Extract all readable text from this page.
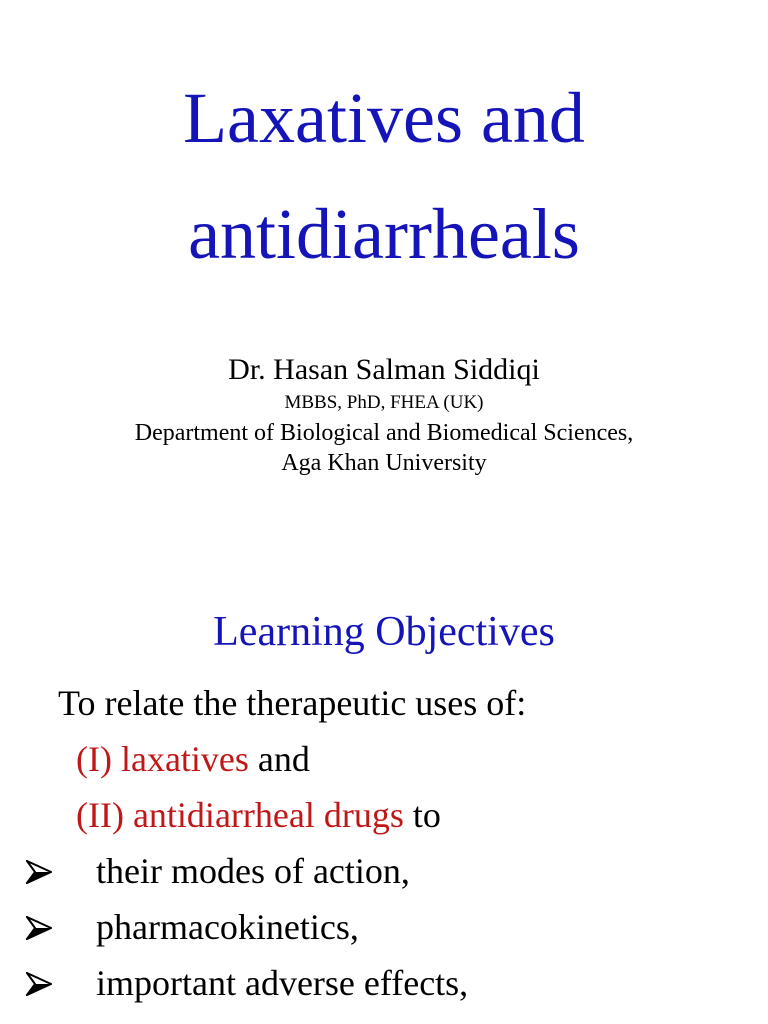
Laxatives and
antidiarrheals
Dr. Hasan Salman Siddiqi
MBBS, PhD, FHEA (UK)
Department of Biological and Biomedical Sciences,
Aga Khan University
Learning Objectives
To relate the therapeutic uses of:
(I) laxatives and
(II) antidiarrheal drugs to
their modes of action,
pharmacokinetics,
important adverse effects,
